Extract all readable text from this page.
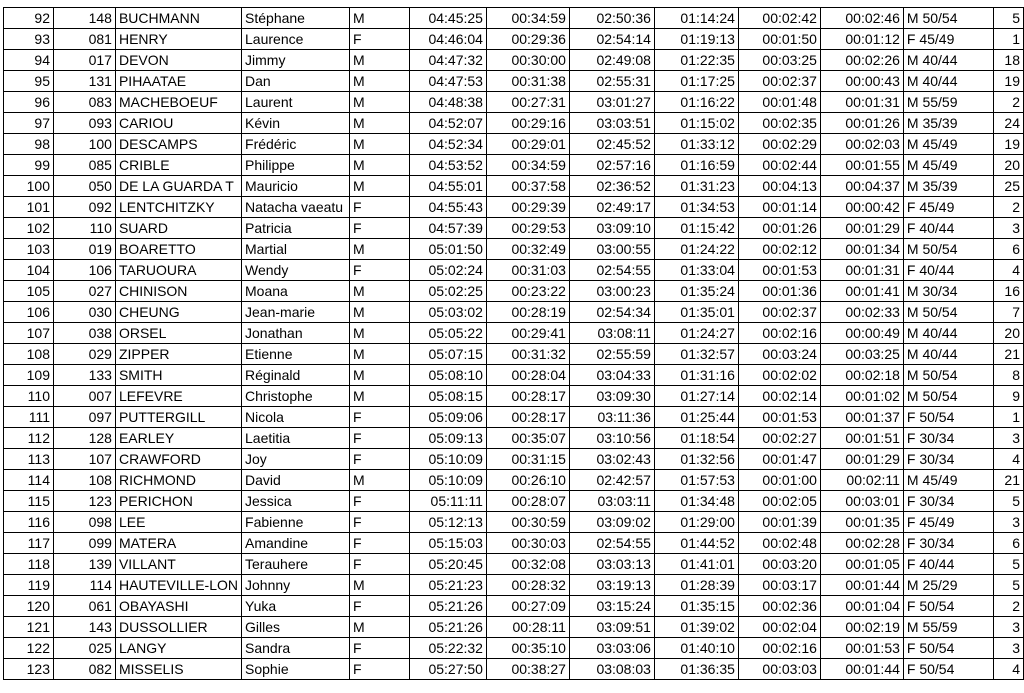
92	148	BUCHMANN	Stéphane	M	04:45:25	00:34:59	02:50:36	01:14:24	00:02:42	00:02:46	M 50/54	5
93	081	HENRY	Laurence	F	04:46:04	00:29:36	02:54:14	01:19:13	00:01:50	00:01:12	F 45/49	1
94	017	DEVON	Jimmy	M	04:47:32	00:30:00	02:49:08	01:22:35	00:03:25	00:02:26	M 40/44	18
95	131	PIHAATAE	Dan	M	04:47:53	00:31:38	02:55:31	01:17:25	00:02:37	00:00:43	M 40/44	19
96	083	MACHEBOEUF	Laurent	M	04:48:38	00:27:31	03:01:27	01:16:22	00:01:48	00:01:31	M 55/59	2
97	093	CARIOU	Kévin	M	04:52:07	00:29:16	03:03:51	01:15:02	00:02:35	00:01:26	M 35/39	24
98	100	DESCAMPS	Frédéric	M	04:52:34	00:29:01	02:45:52	01:33:12	00:02:29	00:02:03	M 45/49	19
99	085	CRIBLE	Philippe	M	04:53:52	00:34:59	02:57:16	01:16:59	00:02:44	00:01:55	M 45/49	20
100	050	DE LA GUARDA T	Mauricio	M	04:55:01	00:37:58	02:36:52	01:31:23	00:04:13	00:04:37	M 35/39	25
101	092	LENTCHITZKY	Natacha vaeatu	F	04:55:43	00:29:39	02:49:17	01:34:53	00:01:14	00:00:42	F 45/49	2
102	110	SUARD	Patricia	F	04:57:39	00:29:53	03:09:10	01:15:42	00:01:26	00:01:29	F 40/44	3
103	019	BOARETTO	Martial	M	05:01:50	00:32:49	03:00:55	01:24:22	00:02:12	00:01:34	M 50/54	6
104	106	TARUOURA	Wendy	F	05:02:24	00:31:03	02:54:55	01:33:04	00:01:53	00:01:31	F 40/44	4
105	027	CHINISON	Moana	M	05:02:25	00:23:22	03:00:23	01:35:24	00:01:36	00:01:41	M 30/34	16
106	030	CHEUNG	Jean-marie	M	05:03:02	00:28:19	02:54:34	01:35:01	00:02:37	00:02:33	M 50/54	7
107	038	ORSEL	Jonathan	M	05:05:22	00:29:41	03:08:11	01:24:27	00:02:16	00:00:49	M 40/44	20
108	029	ZIPPER	Etienne	M	05:07:15	00:31:32	02:55:59	01:32:57	00:03:24	00:03:25	M 40/44	21
109	133	SMITH	Réginald	M	05:08:10	00:28:04	03:04:33	01:31:16	00:02:02	00:02:18	M 50/54	8
110	007	LEFEVRE	Christophe	M	05:08:15	00:28:17	03:09:30	01:27:14	00:02:14	00:01:02	M 50/54	9
111	097	PUTTERGILL	Nicola	F	05:09:06	00:28:17	03:11:36	01:25:44	00:01:53	00:01:37	F 50/54	1
112	128	EARLEY	Laetitia	F	05:09:13	00:35:07	03:10:56	01:18:54	00:02:27	00:01:51	F 30/34	3
113	107	CRAWFORD	Joy	F	05:10:09	00:31:15	03:02:43	01:32:56	00:01:47	00:01:29	F 30/34	4
114	108	RICHMOND	David	M	05:10:09	00:26:10	02:42:57	01:57:53	00:01:00	00:02:11	M 45/49	21
115	123	PERICHON	Jessica	F	05:11:11	00:28:07	03:03:11	01:34:48	00:02:05	00:03:01	F 30/34	5
116	098	LEE	Fabienne	F	05:12:13	00:30:59	03:09:02	01:29:00	00:01:39	00:01:35	F 45/49	3
117	099	MATERA	Amandine	F	05:15:03	00:30:03	02:54:55	01:44:52	00:02:48	00:02:28	F 30/34	6
118	139	VILLANT	Terauhere	F	05:20:45	00:32:08	03:03:13	01:41:01	00:03:20	00:01:05	F 40/44	5
119	114	HAUTEVILLE-LON	Johnny	M	05:21:23	00:28:32	03:19:13	01:28:39	00:03:17	00:01:44	M 25/29	5
120	061	OBAYASHI	Yuka	F	05:21:26	00:27:09	03:15:24	01:35:15	00:02:36	00:01:04	F 50/54	2
121	143	DUSSOLLIER	Gilles	M	05:21:26	00:28:11	03:09:51	01:39:02	00:02:04	00:02:19	M 55/59	3
122	025	LANGY	Sandra	F	05:22:32	00:35:10	03:03:06	01:40:10	00:02:16	00:01:53	F 50/54	3
123	082	MISSELIS	Sophie	F	05:27:50	00:38:27	03:08:03	01:36:35	00:03:03	00:01:44	F 50/54	4
